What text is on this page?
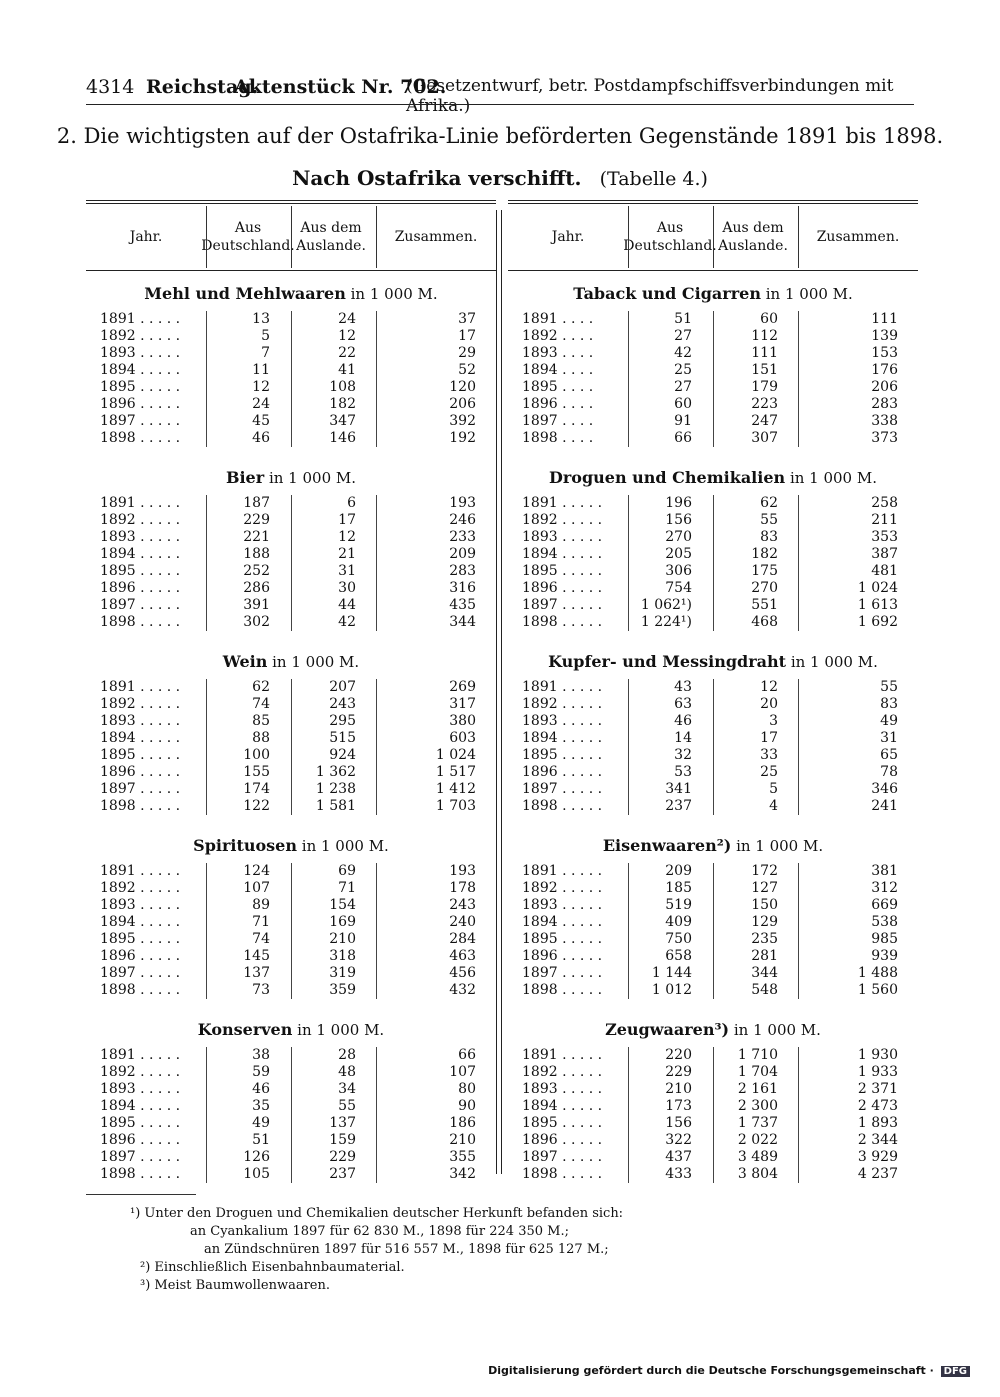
4314 Reichstag.
Aktenstück Nr. 702.
(Gesetzentwurf, betr. Postdampfschiffsverbindungen mit Afrika.)
2. Die wichtigsten auf der Ostafrika-Linie beförderten Gegenstände 1891 bis 1898.
Nach Ostafrika verschifft. (Tabelle 4.)
Jahr.
Aus Deutschland.
Aus dem Auslande.
Zusammen.
Mehl und Mehlwaaren in 1 000 M.
1891 . . . . .	13	24	37
1892 . . . . .	5	12	17
1893 . . . . .	7	22	29
1894 . . . . .	11	41	52
1895 . . . . .	12	108	120
1896 . . . . .	24	182	206
1897 . . . . .	45	347	392
1898 . . . . .	46	146	192
Bier in 1 000 M.
1891 . . . . .	187	6	193
1892 . . . . .	229	17	246
1893 . . . . .	221	12	233
1894 . . . . .	188	21	209
1895 . . . . .	252	31	283
1896 . . . . .	286	30	316
1897 . . . . .	391	44	435
1898 . . . . .	302	42	344
Wein in 1 000 M.
1891 . . . . .	62	207	269
1892 . . . . .	74	243	317
1893 . . . . .	85	295	380
1894 . . . . .	88	515	603
1895 . . . . .	100	924	1 024
1896 . . . . .	155	1 362	1 517
1897 . . . . .	174	1 238	1 412
1898 . . . . .	122	1 581	1 703
Spirituosen in 1 000 M.
1891 . . . . .	124	69	193
1892 . . . . .	107	71	178
1893 . . . . .	89	154	243
1894 . . . . .	71	169	240
1895 . . . . .	74	210	284
1896 . . . . .	145	318	463
1897 . . . . .	137	319	456
1898 . . . . .	73	359	432
Konserven in 1 000 M.
1891 . . . . .	38	28	66
1892 . . . . .	59	48	107
1893 . . . . .	46	34	80
1894 . . . . .	35	55	90
1895 . . . . .	49	137	186
1896 . . . . .	51	159	210
1897 . . . . .	126	229	355
1898 . . . . .	105	237	342
Jahr.
Aus Deutschland.
Aus dem Auslande.
Zusammen.
Taback und Cigarren in 1 000 M.
1891 . . . .	51	60	111
1892 . . . .	27	112	139
1893 . . . .	42	111	153
1894 . . . .	25	151	176
1895 . . . .	27	179	206
1896 . . . .	60	223	283
1897 . . . .	91	247	338
1898 . . . .	66	307	373
Droguen und Chemikalien in 1 000 M.
1891 . . . . .	196	62	258
1892 . . . . .	156	55	211
1893 . . . . .	270	83	353
1894 . . . . .	205	182	387
1895 . . . . .	306	175	481
1896 . . . . .	754	270	1 024
1897 . . . . .	1 062¹)	551	1 613
1898 . . . . .	1 224¹)	468	1 692
Kupfer- und Messingdraht in 1 000 M.
1891 . . . . .	43	12	55
1892 . . . . .	63	20	83
1893 . . . . .	46	3	49
1894 . . . . .	14	17	31
1895 . . . . .	32	33	65
1896 . . . . .	53	25	78
1897 . . . . .	341	5	346
1898 . . . . .	237	4	241
Eisenwaaren²) in 1 000 M.
1891 . . . . .	209	172	381
1892 . . . . .	185	127	312
1893 . . . . .	519	150	669
1894 . . . . .	409	129	538
1895 . . . . .	750	235	985
1896 . . . . .	658	281	939
1897 . . . . .	1 144	344	1 488
1898 . . . . .	1 012	548	1 560
Zeugwaaren³) in 1 000 M.
1891 . . . . .	220	1 710	1 930
1892 . . . . .	229	1 704	1 933
1893 . . . . .	210	2 161	2 371
1894 . . . . .	173	2 300	2 473
1895 . . . . .	156	1 737	1 893
1896 . . . . .	322	2 022	2 344
1897 . . . . .	437	3 489	3 929
1898 . . . . .	433	3 804	4 237
¹) Unter den Droguen und Chemikalien deutscher Herkunft befanden sich:
an Cyankalium 1897 für 62 830 M., 1898 für 224 350 M.;
an Zündschnüren 1897 für 516 557 M., 1898 für 625 127 M.;
²) Einschließlich Eisenbahnbaumaterial.
³) Meist Baumwollenwaaren.
Digitalisierung gefördert durch die Deutsche Forschungsgemeinschaft · DFG
